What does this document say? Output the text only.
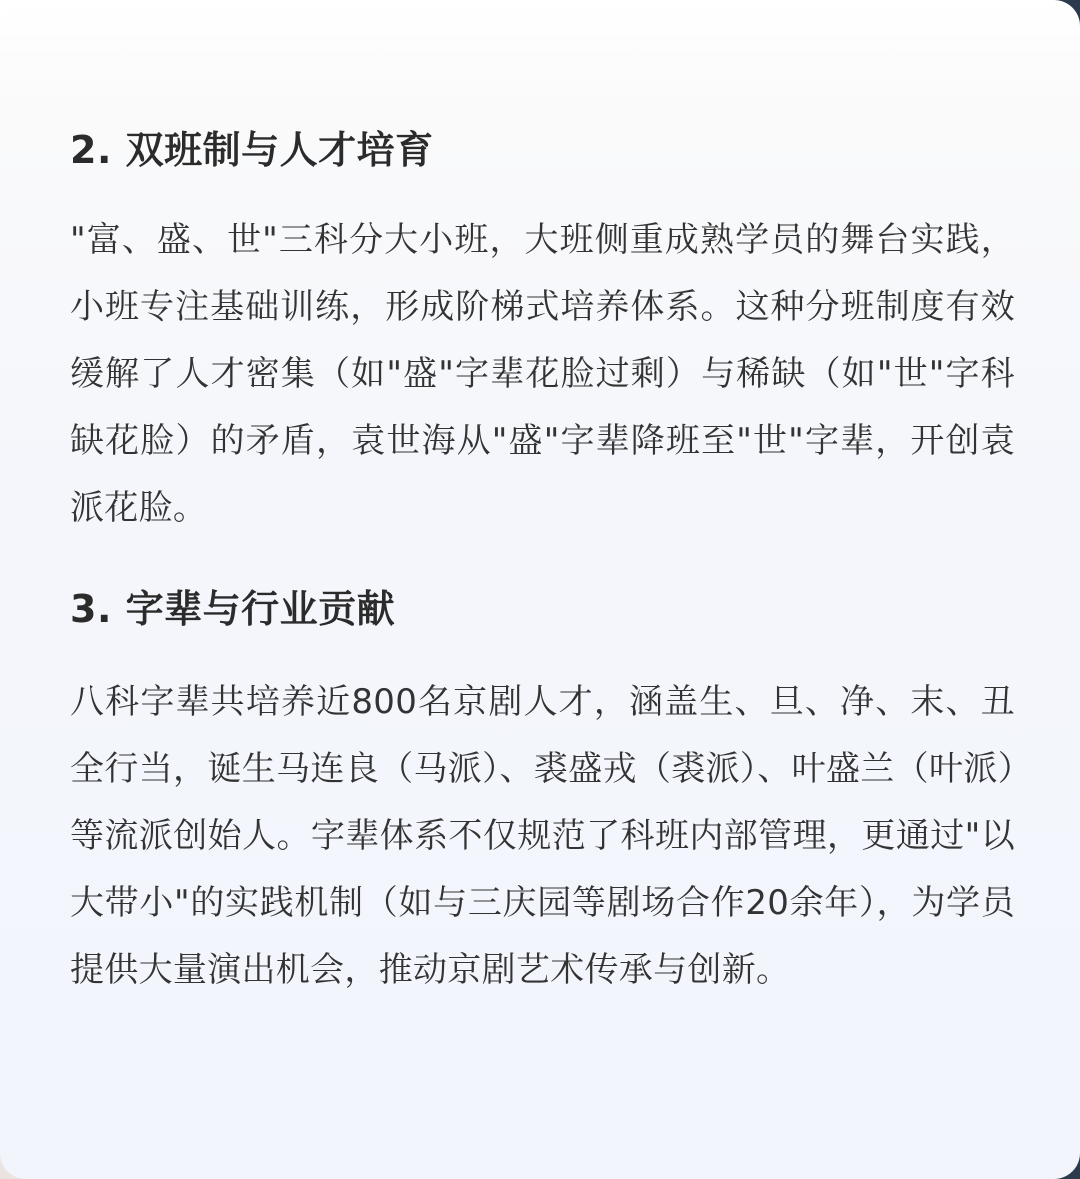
2. 双班制与人才培育

"富、盛、世"三科分大小班，大班侧重成熟学员的舞台实践，小班专注基础训练，形成阶梯式培养体系。这种分班制度有效缓解了人才密集（如"盛"字辈花脸过剩）与稀缺（如"世"字科缺花脸）的矛盾，袁世海从"盛"字辈降班至"世"字辈，开创袁派花脸。

3. 字辈与行业贡献

八科字辈共培养近800名京剧人才，涵盖生、旦、净、末、丑全行当，诞生马连良（马派）、裘盛戎（裘派）、叶盛兰（叶派）等流派创始人。字辈体系不仅规范了科班内部管理，更通过"以大带小"的实践机制（如与三庆园等剧场合作20余年），为学员提供大量演出机会，推动京剧艺术传承与创新。
